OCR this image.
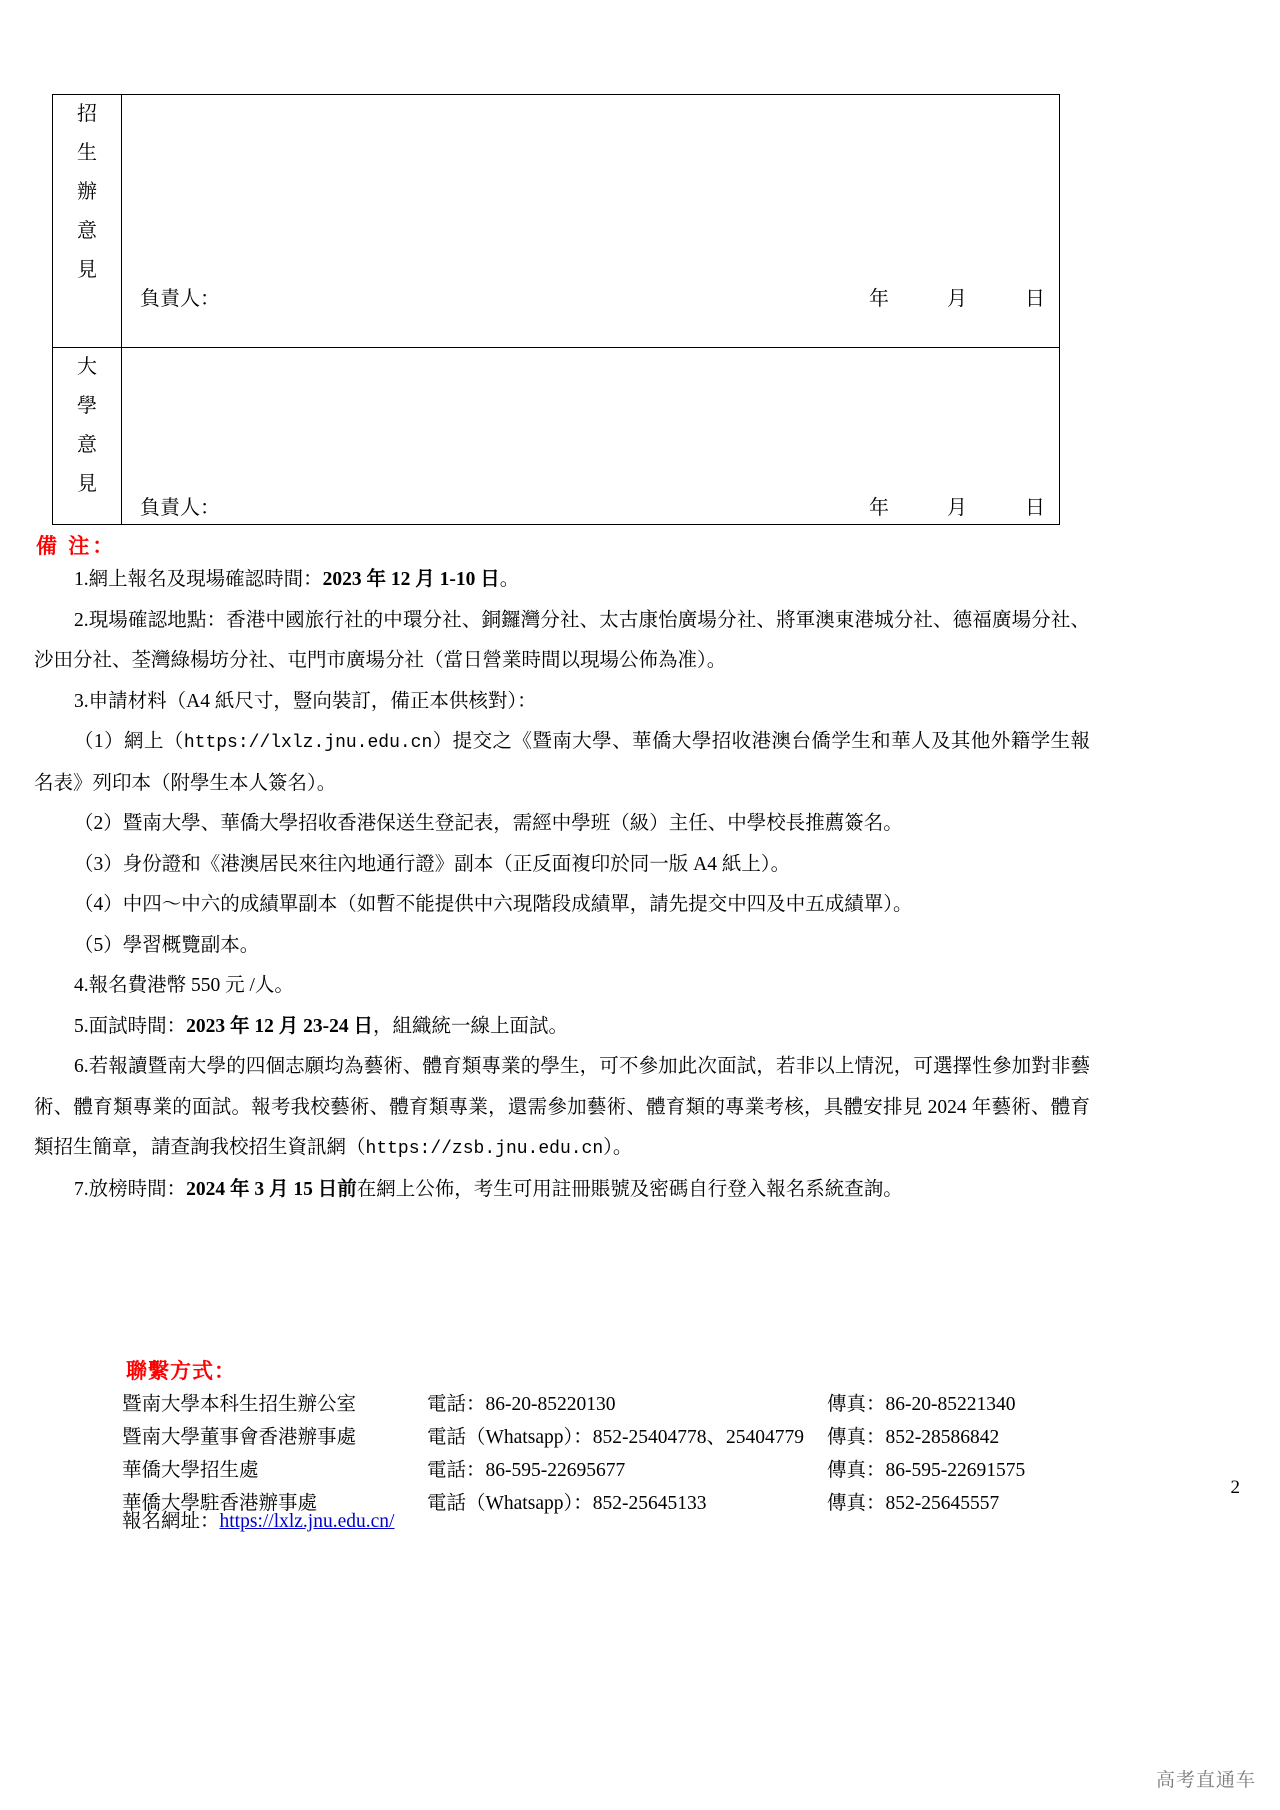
招
生
辦
意
見	負責人： 年 月 日

大
學
意
見	負責人： 年 月 日
備 注：

1.網上報名及現場確認時間：2023 年 12 月 1-10 日。

2.現場確認地點：香港中國旅行社的中環分社、銅鑼灣分社、太古康怡廣場分社、將軍澳東港城分社、德福廣場分社、沙田分社、荃灣綠楊坊分社、屯門市廣場分社（當日營業時間以現場公佈為准）。

3.申請材料（A4 紙尺寸，豎向裝訂，備正本供核對）：

（1）網上（https://lxlz.jnu.edu.cn）提交之《暨南大學、華僑大學招收港澳台僑学生和華人及其他外籍学生報名表》列印本（附學生本人簽名）。

（2）暨南大學、華僑大學招收香港保送生登記表，需經中學班（級）主任、中學校長推薦簽名。

（3）身份證和《港澳居民來往內地通行證》副本（正反面複印於同一版 A4 紙上）。

（4）中四～中六的成績單副本（如暫不能提供中六現階段成績單，請先提交中四及中五成績單）。

（5）學習概覽副本。

4.報名費港幣 550 元 /人。

5.面試時間：2023 年 12 月 23-24 日，組織統一線上面試。

6.若報讀暨南大學的四個志願均為藝術、體育類專業的學生，可不參加此次面試，若非以上情況，可選擇性參加對非藝術、體育類專業的面試。報考我校藝術、體育類專業，還需參加藝術、體育類的專業考核，具體安排見 2024 年藝術、體育類招生簡章，請查詢我校招生資訊網（https://zsb.jnu.edu.cn）。

7.放榜時間：2024 年 3 月 15 日前在網上公佈，考生可用註冊賬號及密碼自行登入報名系統查詢。

聯繫方式：
暨南大學本科生招生辦公室	電話：86-20-85220130	傳真：86-20-85221340
暨南大學董事會香港辦事處	電話（Whatsapp）：852-25404778、25404779	傳真：852-28586842
華僑大學招生處	電話：86-595-22695677	傳真：86-595-22691575
華僑大學駐香港辦事處	電話（Whatsapp）：852-25645133	傳真：852-25645557
報名網址：https://lxlz.jnu.edu.cn/
2
高考直通车
